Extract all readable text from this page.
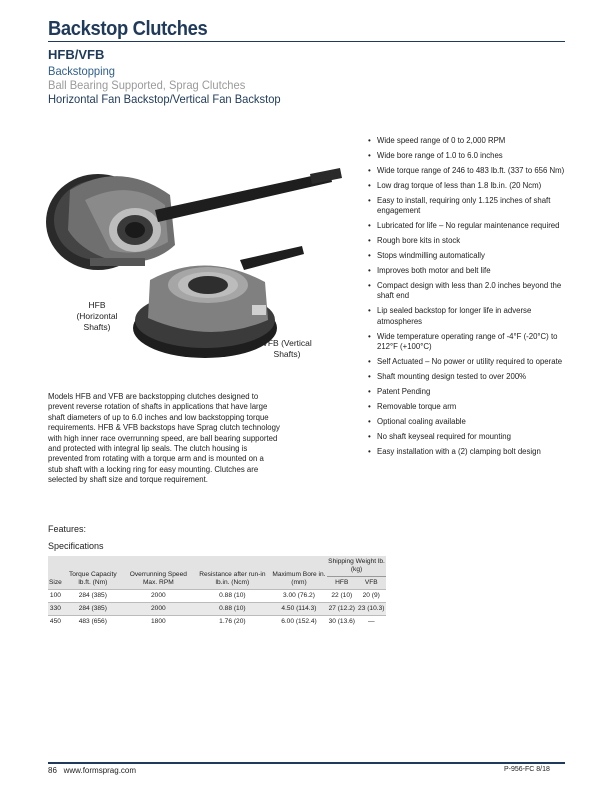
Backstop Clutches
HFB/VFB
Backstopping
Ball Bearing Supported, Sprag Clutches
Horizontal Fan Backstop/Vertical Fan Backstop
HFB (Horizontal Shafts)
VFB (Vertical Shafts)
Models HFB and VFB are backstopping clutches designed to prevent reverse rotation of shafts in applications that have large shaft diameters of up to 6.0 inches and low backstopping torque requirements. HFB & VFB backstops have Sprag clutch technology with high inner race overrunning speed, are ball bearing supported and protected with integral lip seals. The clutch housing is prevented from rotating with a torque arm and is mounted on a stub shaft with a locking ring for easy mounting. Clutches are selected by shaft size and torque requirement.
• Wide speed range of 0 to 2,000 RPM
• Wide bore range of 1.0 to 6.0 inches
• Wide torque range of 246 to 483 lb.ft. (337 to 656 Nm)
• Low drag torque of less than 1.8 lb.in. (20 Ncm)
• Easy to install, requiring only 1.125 inches of shaft engagement
• Lubricated for life – No regular maintenance required
• Rough bore kits in stock
• Stops windmilling automatically
• Improves both motor and belt life
• Compact design with less than 2.0 inches beyond the shaft end
• Lip sealed backstop for longer life in adverse atmospheres
• Wide temperature operating range of -4°F (-20°C) to 212°F (+100°C)
• Self Actuated – No power or utility required to operate
• Shaft mounting design tested to over 200%
• Patent Pending
• Removable torque arm
• Optional coaling available
• No shaft keyseal required for mounting
• Easy installation with a (2) clamping bolt design
Features:
Specifications
Size	Torque Capacity lb.ft. (Nm)	Overrunning Speed Max. RPM	Resistance after run-in lb.in. (Ncm)	Maximum Bore in. (mm)	Shipping Weight lb. (kg)	
					HFB	VFB
100	284 (385)	2000	0.88 (10)	3.00 (76.2)	22 (10)	20 (9)
330	284 (385)	2000	0.88 (10)	4.50 (114.3)	27 (12.2)	23 (10.3)
450	483 (656)	1800	1.76 (20)	6.00 (152.4)	30 (13.6)	—
86 www.formsprag.com	P-956-FC 8/18
